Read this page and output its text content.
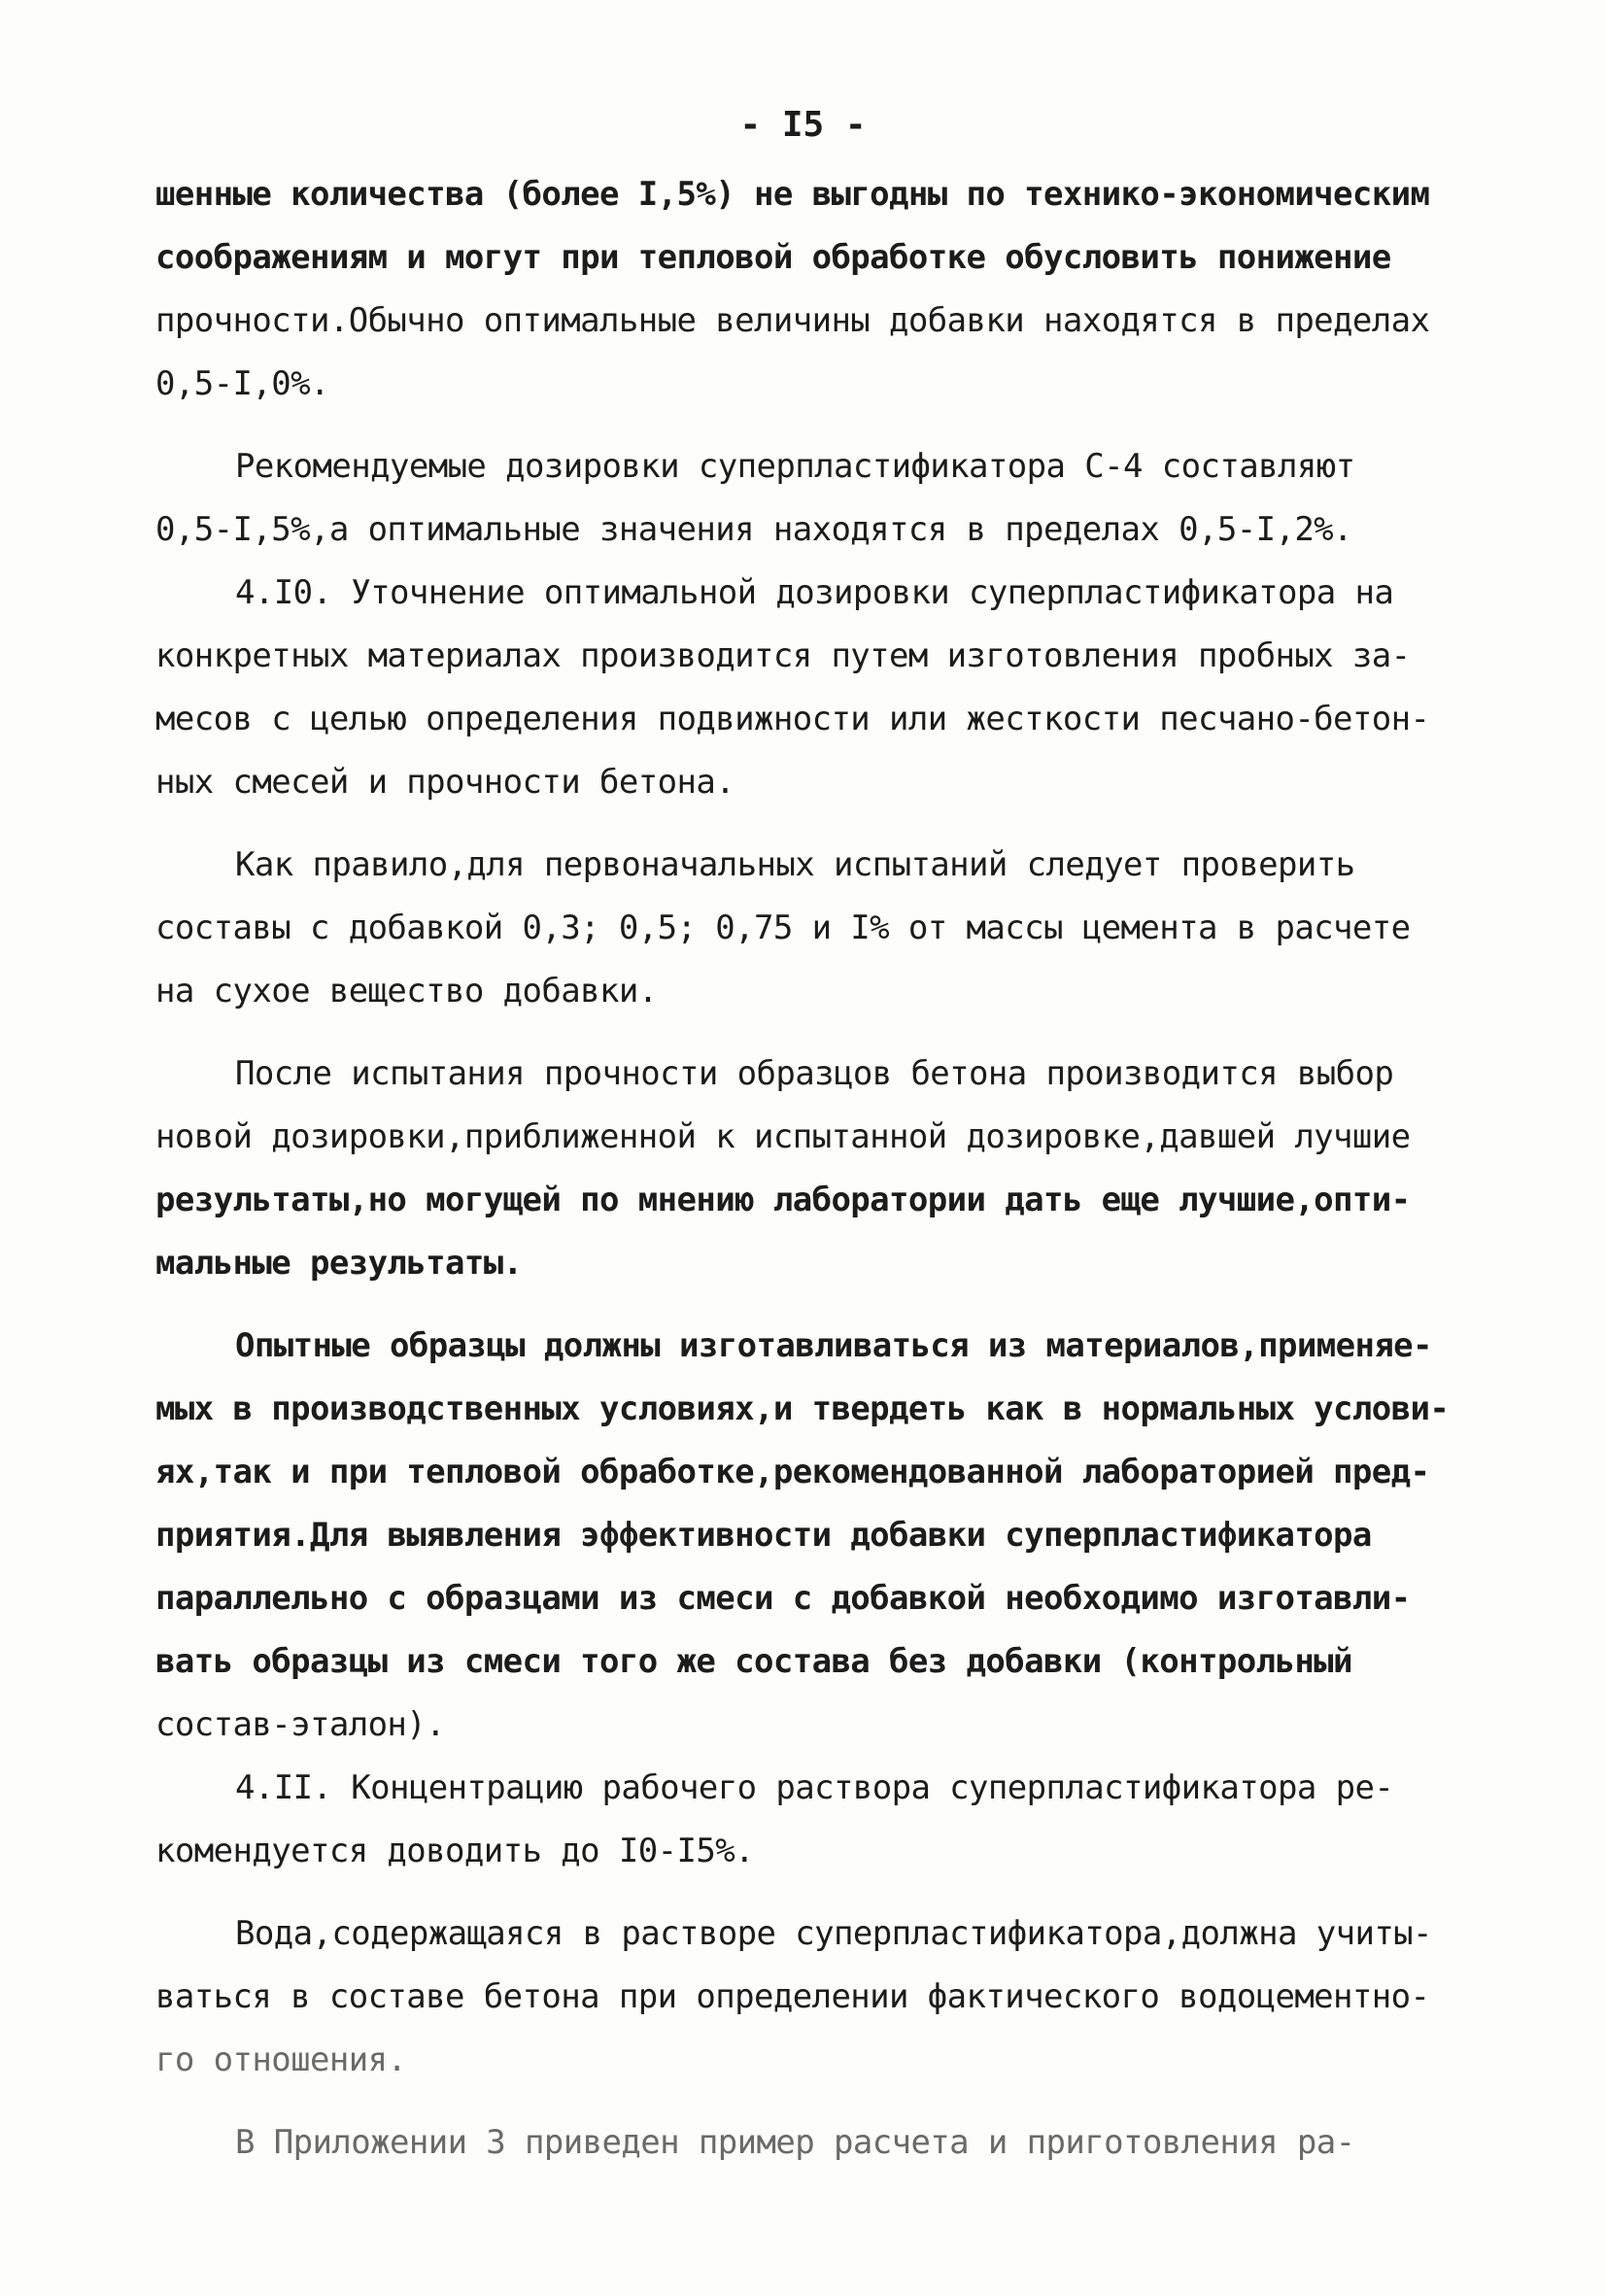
- I5 -
шенные количества (более I,5%) не выгодны по технико-экономическим
соображениям и могут при тепловой обработке обусловить понижение
прочности.Обычно оптимальные величины добавки находятся в пределах
0,5-I,0%.
Рекомендуемые дозировки суперпластификатора С-4 составляют
0,5-I,5%,а оптимальные значения находятся в пределах 0,5-I,2%.
4.I0. Уточнение оптимальной дозировки суперпластификатора на
конкретных материалах производится путем изготовления пробных за-
месов с целью определения подвижности или жесткости песчано-бетон-
ных смесей и прочности бетона.
Как правило,для первоначальных испытаний следует проверить
составы с добавкой 0,3; 0,5; 0,75 и I% от массы цемента в расчете
на сухое вещество добавки.
После испытания прочности образцов бетона производится выбор
новой дозировки,приближенной к испытанной дозировке,давшей лучшие
результаты,но могущей по мнению лаборатории дать еще лучшие,опти-
мальные результаты.
Опытные образцы должны изготавливаться из материалов,применяе-
мых в производственных условиях,и твердеть как в нормальных услови-
ях,так и при тепловой обработке,рекомендованной лабораторией пред-
приятия.Для выявления эффективности добавки суперпластификатора
параллельно с образцами из смеси с добавкой необходимо изготавли-
вать образцы из смеси того же состава без добавки (контрольный
состав-эталон).
4.II. Концентрацию рабочего раствора суперпластификатора ре-
комендуется доводить до I0-I5%.
Вода,содержащаяся в растворе суперпластификатора,должна учиты-
ваться в составе бетона при определении фактического водоцементно-
го отношения.
В Приложении 3 приведен пример расчета и приготовления ра-
